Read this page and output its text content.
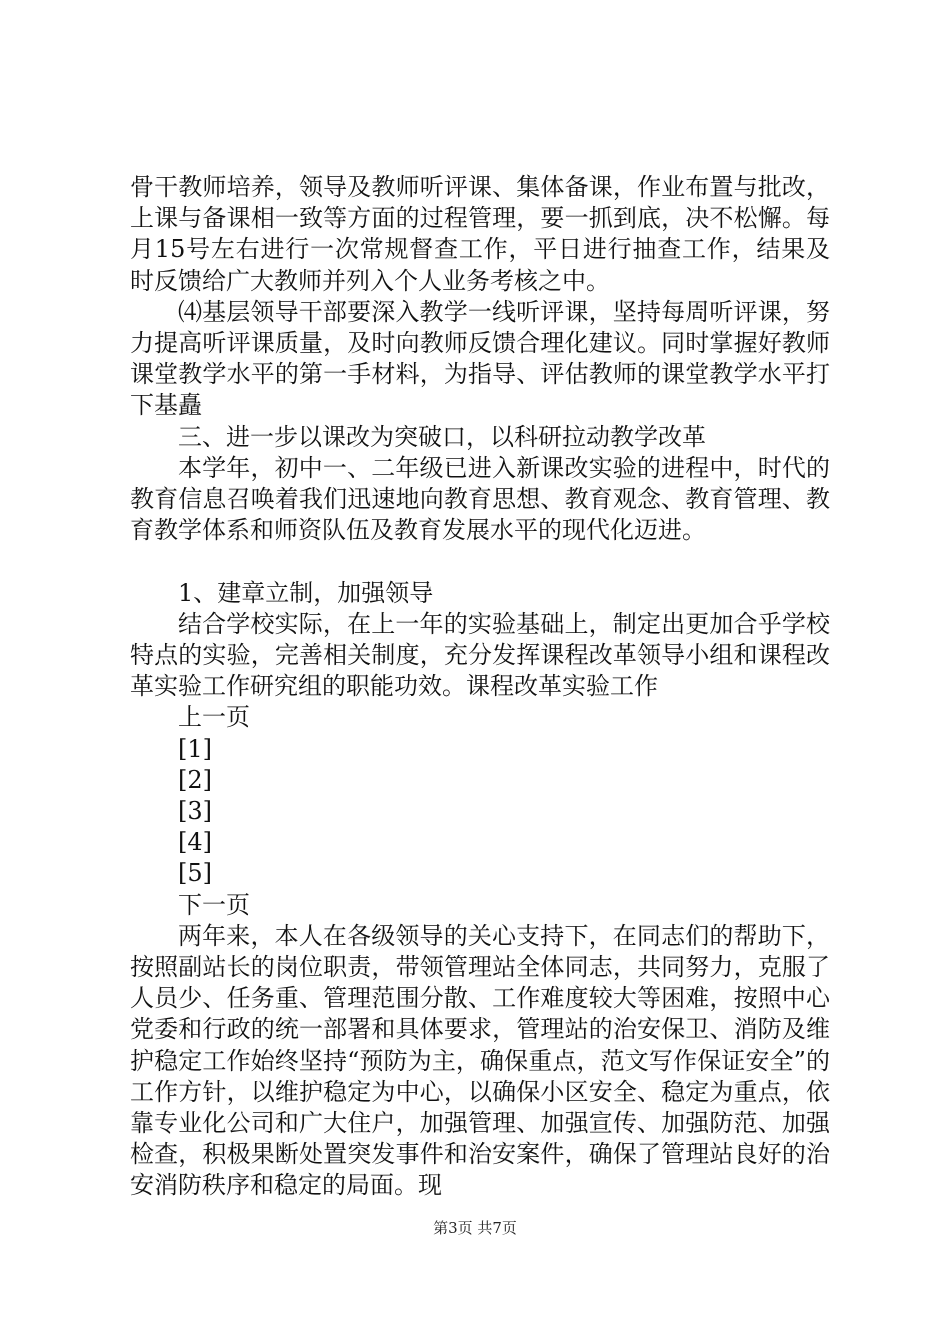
骨干教师培养，领导及教师听评课、集体备课，作业布置与批改，上课与备课相一致等方面的过程管理，要一抓到底，决不松懈。每月15号左右进行一次常规督查工作，平日进行抽查工作，结果及时反馈给广大教师并列入个人业务考核之中。

⑷基层领导干部要深入教学一线听评课，坚持每周听评课，努力提高听评课质量，及时向教师反馈合理化建议。同时掌握好教师课堂教学水平的第一手材料，为指导、评估教师的课堂教学水平打下基矗

三、进一步以课改为突破口，以科研拉动教学改革

本学年，初中一、二年级已进入新课改实验的进程中，时代的教育信息召唤着我们迅速地向教育思想、教育观念、教育管理、教育教学体系和师资队伍及教育发展水平的现代化迈进。

1、建章立制，加强领导

结合学校实际，在上一年的实验基础上，制定出更加合乎学校特点的实验，完善相关制度，充分发挥课程改革领导小组和课程改革实验工作研究组的职能功效。课程改革实验工作

上一页

[1]

[2]

[3]

[4]

[5]

下一页

两年来，本人在各级领导的关心支持下，在同志们的帮助下，按照副站长的岗位职责，带领管理站全体同志，共同努力，克服了人员少、任务重、管理范围分散、工作难度较大等困难，按照中心党委和行政的统一部署和具体要求，管理站的治安保卫、消防及维护稳定工作始终坚持“预防为主，确保重点，范文写作保证安全”的工作方针，以维护稳定为中心，以确保小区安全、稳定为重点，依靠专业化公司和广大住户，加强管理、加强宣传、加强防范、加强检查，积极果断处置突发事件和治安案件，确保了管理站良好的治安消防秩序和稳定的局面。现

第3页 共7页
